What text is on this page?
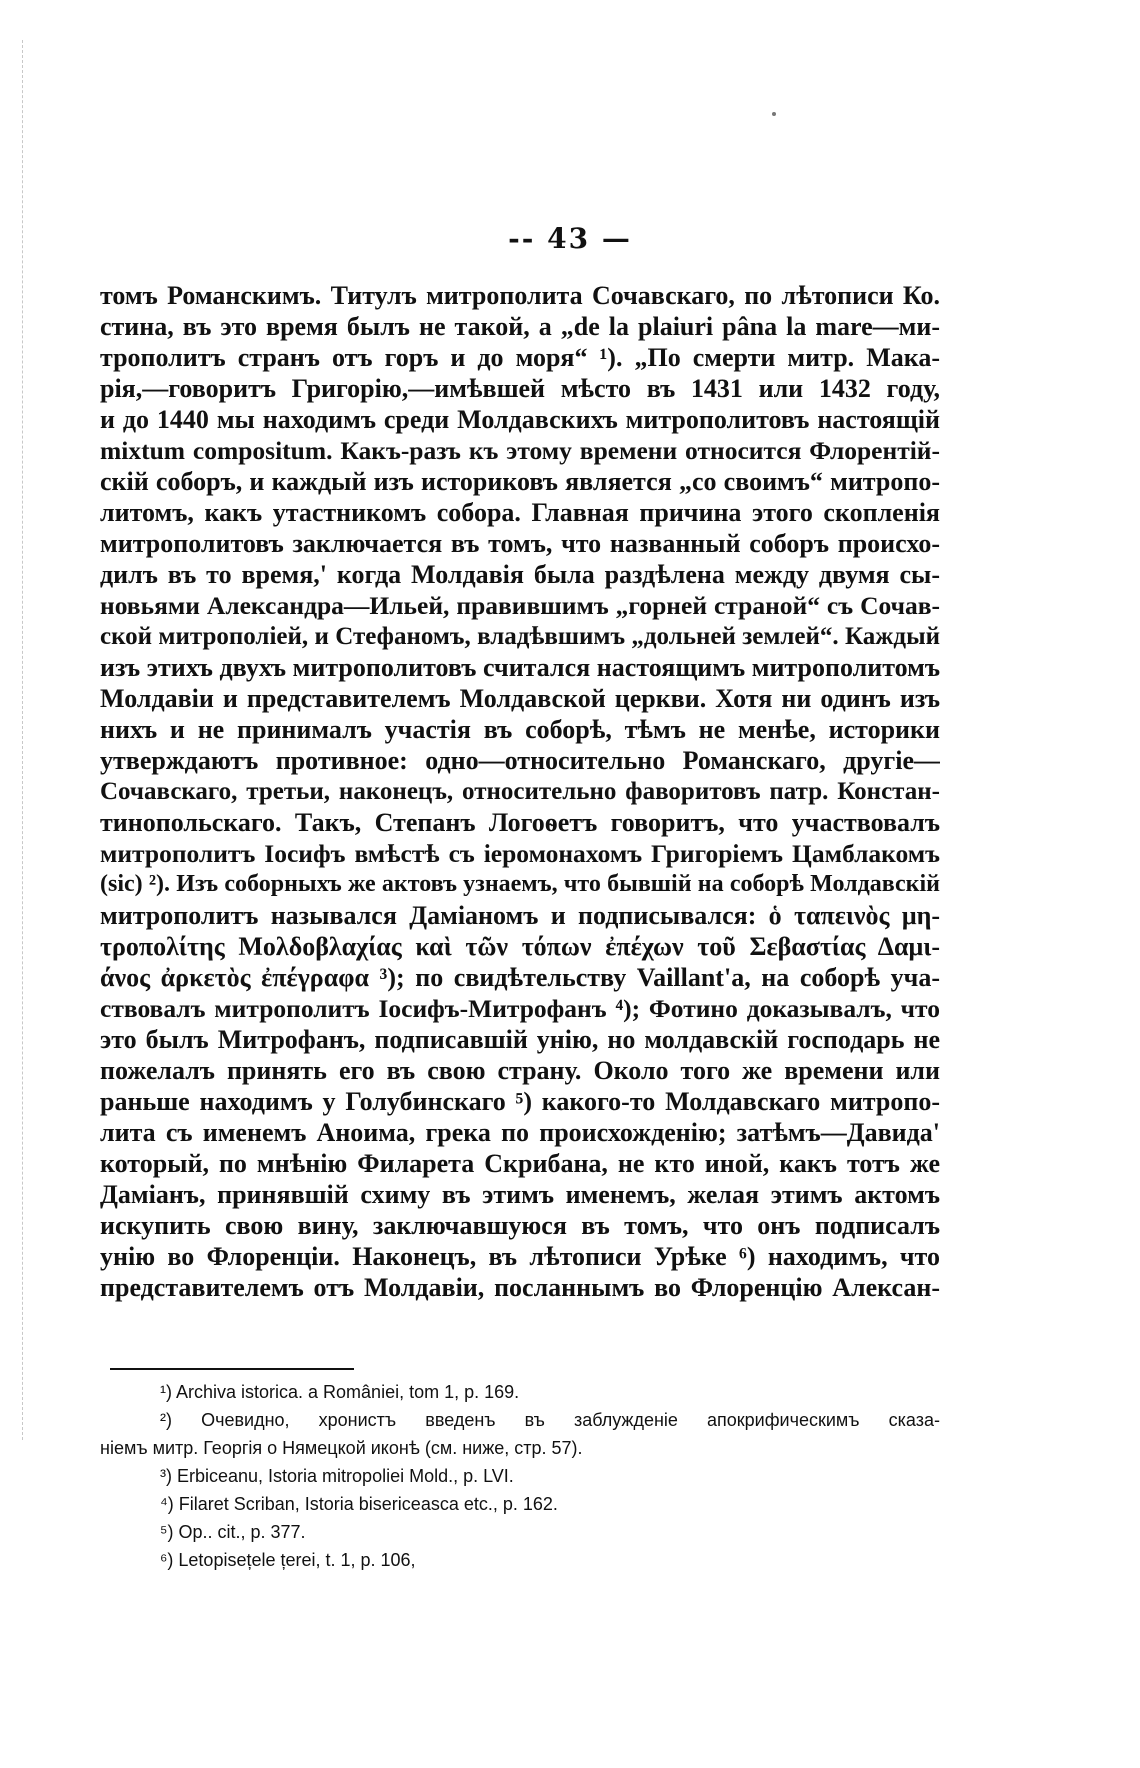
-- 43 —
томъ Романскимъ. Титулъ митрополита Сочавскаго, по лѣтописи Ко.
стина, въ это время былъ не такой, а „de la plaiuri pâna la mare—ми-
трополитъ странъ отъ горъ и до моря“ ¹). „По смерти митр. Мака-
рія,—говоритъ Григорію,—имѣвшей мѣсто въ 1431 или 1432 году,
и до 1440 мы находимъ среди Молдавскихъ митрополитовъ настоящій
mixtum compositum. Какъ-разъ къ этому времени относится Флорентій-
скій соборъ, и каждый изъ историковъ является „со своимъ“ митропо-
литомъ, какъ утастникомъ собора. Главная причина этого скопленія
митрополитовъ заключается въ томъ, что названный соборъ происхо-
дилъ въ то время,' когда Молдавія была раздѣлена между двумя сы-
новьями Александра—Ильей, правившимъ „горней страной“ съ Сочав-
ской митрополіей, и Стефаномъ, владѣвшимъ „дольней землей“. Каждый
изъ этихъ двухъ митрополитовъ считался настоящимъ митрополитомъ
Молдавіи и представителемъ Молдавской церкви. Хотя ни одинъ изъ
нихъ и не принималъ участія въ соборѣ, тѣмъ не менѣе, историки
утверждаютъ противное: одно—относительно Романскаго, другіе—
Сочавскаго, третьи, наконецъ, относительно фаворитовъ патр. Констан-
тинопольскаго. Такъ, Степанъ Логоѳетъ говоритъ, что участвовалъ
митрополитъ Іосифъ вмѣстѣ съ іеромонахомъ Григоріемъ Цамблакомъ
(sic) ²). Изъ соборныхъ же актовъ узнаемъ, что бывшій на соборѣ Молдавскій
митрополитъ назывался Даміаномъ и подписывался: ὁ ταπεινὸς μη-
τροπολίτης Μολδοβλαχίας καὶ τῶν τόπων ἐπέχων τοῦ Σεβαστίας Δαμι-
άνος ἀρκετὸς ἐπέγραφα ³); по свидѣтельству Vaillant'a, на соборѣ уча-
ствовалъ митрополитъ Іосифъ-Митрофанъ ⁴); Фотино доказывалъ, что
это былъ Митрофанъ, подписавшій унію, но молдавскій господарь не
пожелалъ принять его въ свою страну. Около того же времени или
раньше находимъ у Голубинскаго ⁵) какого-то Молдавскаго митропо-
лита съ именемъ Аноима, грека по происхожденію; затѣмъ—Давида'
который, по мнѣнію Филарета Скрибана, не кто иной, какъ тотъ же
Даміанъ, принявшій схиму въ этимъ именемъ, желая этимъ актомъ
искупить свою вину, заключавшуюся въ томъ, что онъ подписалъ
унію во Флоренціи. Наконецъ, въ лѣтописи Урѣке ⁶) находимъ, что
представителемъ отъ Молдавіи, посланнымъ во Флоренцію Алексан-
¹) Archiva istorica. a României, tom 1, p. 169.
²) Очевидно, хронистъ введенъ въ заблужденіе апокрифическимъ сказа-
ніемъ митр. Георгія о Нямецкой иконѣ (см. ниже, стр. 57).
³) Erbiceanu, Istoria mitropoliei Mold., p. LVI.
⁴) Filaret Scriban, Istoria bisericeasca etc., p. 162.
⁵) Op.. cit., p. 377.
⁶) Letopisețele țerei, t. 1, p. 106,
